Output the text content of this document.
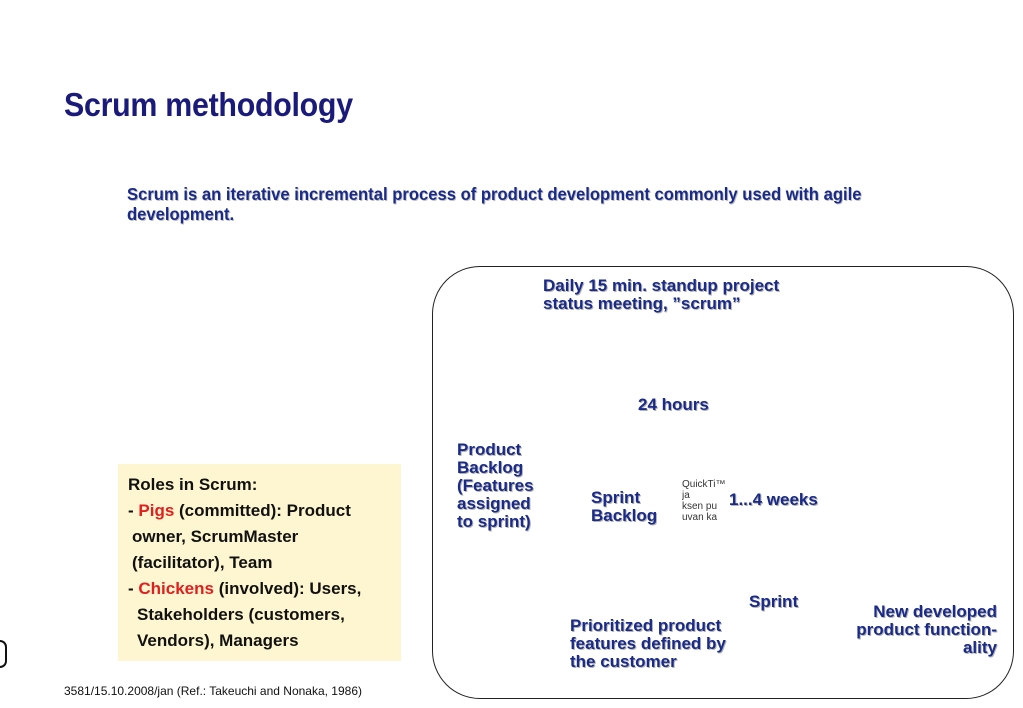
Scrum methodology
Scrum is an iterative incremental process of product development commonly used with agile development.
Daily 15 min. standup project
status meeting, ”scrum”
24 hours
Product
Backlog
(Features
assigned
to sprint)
Sprint
Backlog
QuickTi™ ja
ksen pu
uvan ka
1...4 weeks
Sprint
Prioritized product
features defined by
the customer
New developed
product function-
ality
Roles in Scrum:
- Pigs (committed): Product
owner, ScrumMaster
(facilitator), Team
- Chickens (involved): Users,
Stakeholders (customers,
Vendors), Managers
3581/15.10.2008/jan (Ref.: Takeuchi and Nonaka, 1986)
